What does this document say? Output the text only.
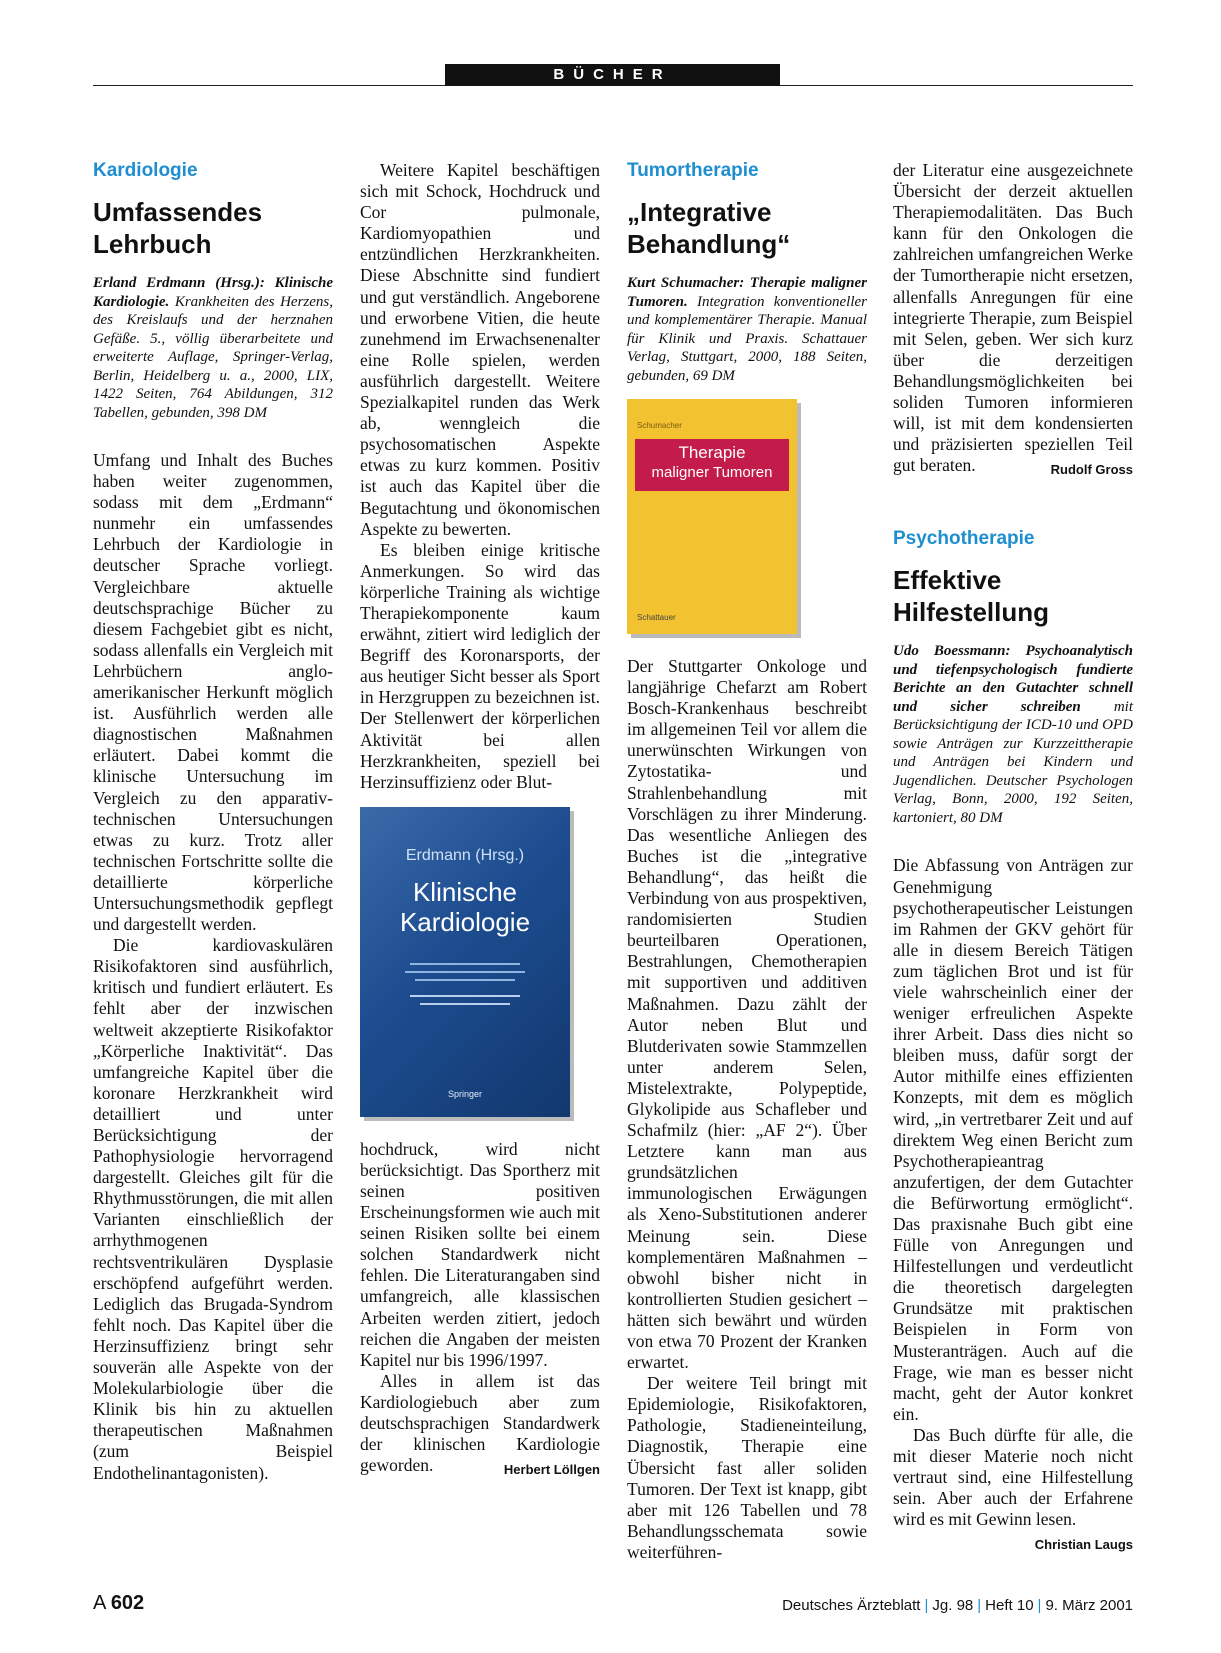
BÜCHER
Kardiologie
Umfassendes Lehrbuch
Erland Erdmann (Hrsg.): Klinische Kardiologie. Krankheiten des Herzens, des Kreislaufs und der herznahen Gefäße. 5., völlig überarbeitete und erweiterte Auflage, Springer-Verlag, Berlin, Heidelberg u. a., 2000, LIX, 1422 Seiten, 764 Abildungen, 312 Tabellen, gebunden, 398 DM

Umfang und Inhalt des Buches haben weiter zugenommen, sodass mit dem „Erdmann“ nunmehr ein umfassendes Lehrbuch der Kardiologie in deutscher Sprache vorliegt. Vergleichbare aktuelle deutschsprachige Bücher zu diesem Fachgebiet gibt es nicht, sodass allenfalls ein Vergleich mit Lehrbüchern anglo-amerikanischer Herkunft möglich ist. Ausführlich werden alle diagnostischen Maßnahmen erläutert. Dabei kommt die klinische Untersuchung im Vergleich zu den apparativ-technischen Untersuchungen etwas zu kurz. Trotz aller technischen Fortschritte sollte die detaillierte körperliche Untersuchungsmethodik gepflegt und dargestellt werden.

Die kardiovaskulären Risikofaktoren sind ausführlich, kritisch und fundiert erläutert. Es fehlt aber der inzwischen weltweit akzeptierte Risikofaktor „Körperliche Inaktivität“. Das umfangreiche Kapitel über die koronare Herzkrankheit wird detailliert und unter Berücksichtigung der Pathophysiologie hervorragend dargestellt. Gleiches gilt für die Rhythmusstörungen, die mit allen Varianten einschließlich der arrhythmogenen rechtsventrikulären Dysplasie erschöpfend aufgeführt werden. Lediglich das Brugada-Syndrom fehlt noch. Das Kapitel über die Herzinsuffizienz bringt sehr souverän alle Aspekte von der Molekularbiologie über die Klinik bis hin zu aktuellen therapeutischen Maßnahmen (zum Beispiel Endothelinantagonisten).

Weitere Kapitel beschäftigen sich mit Schock, Hochdruck und Cor pulmonale, Kardiomyopathien und entzündlichen Herzkrankheiten. Diese Abschnitte sind fundiert und gut verständlich. Angeborene und erworbene Vitien, die heute zunehmend im Erwachsenenalter eine Rolle spielen, werden ausführlich dargestellt. Weitere Spezialkapitel runden das Werk ab, wenngleich die psychosomatischen Aspekte etwas zu kurz kommen. Positiv ist auch das Kapitel über die Begutachtung und ökonomischen Aspekte zu bewerten.

Es bleiben einige kritische Anmerkungen. So wird das körperliche Training als wichtige Therapiekomponente kaum erwähnt, zitiert wird lediglich der Begriff des Koronarsports, der aus heutiger Sicht besser als Sport in Herzgruppen zu bezeichnen ist. Der Stellenwert der körperlichen Aktivität bei allen Herzkrankheiten, speziell bei Herzinsuffizienz oder Blut-

Erdmann (Hrsg.)
Klinische
Kardiologie
Springer

hochdruck, wird nicht berücksichtigt. Das Sportherz mit seinen positiven Erscheinungsformen wie auch mit seinen Risiken sollte bei einem solchen Standardwerk nicht fehlen. Die Literaturangaben sind umfangreich, alle klassischen Arbeiten werden zitiert, jedoch reichen die Angaben der meisten Kapitel nur bis 1996/1997.

Alles in allem ist das Kardiologiebuch aber zum deutschsprachigen Standardwerk der klinischen Kardiologie geworden.	Herbert Löllgen

Tumortherapie
„Integrative Behandlung“
Kurt Schumacher: Therapie maligner Tumoren. Integration konventioneller und komplementärer Therapie. Manual für Klinik und Praxis. Schattauer Verlag, Stuttgart, 2000, 188 Seiten, gebunden, 69 DM
Schumacher
Therapie
maligner Tumoren
Schattauer

Der Stuttgarter Onkologe und langjährige Chefarzt am Robert Bosch-Krankenhaus beschreibt im allgemeinen Teil vor allem die unerwünschten Wirkungen von Zytostatika- und Strahlenbehandlung mit Vorschlägen zu ihrer Minderung. Das wesentliche Anliegen des Buches ist die „integrative Behandlung“, das heißt die Verbindung von aus prospektiven, randomisierten Studien beurteilbaren Operationen, Bestrahlungen, Chemotherapien mit supportiven und additiven Maßnahmen. Dazu zählt der Autor neben Blut und Blutderivaten sowie Stammzellen unter anderem Selen, Mistelextrakte, Polypeptide, Glykolipide aus Schafleber und Schafmilz (hier: „AF 2“). Über Letztere kann man aus grundsätzlichen immunologischen Erwägungen als Xeno-Substitutionen anderer Meinung sein. Diese komplementären Maßnahmen – obwohl bisher nicht in kontrollierten Studien gesichert – hätten sich bewährt und würden von etwa 70 Prozent der Kranken erwartet.

Der weitere Teil bringt mit Epidemiologie, Risikofaktoren, Pathologie, Stadieneinteilung, Diagnostik, Therapie eine Übersicht fast aller soliden Tumoren. Der Text ist knapp, gibt aber mit 126 Tabellen und 78 Behandlungsschemata sowie weiterführen-

der Literatur eine ausgezeichnete Übersicht der derzeit aktuellen Therapiemodalitäten. Das Buch kann für den Onkologen die zahlreichen umfangreichen Werke der Tumortherapie nicht ersetzen, allenfalls Anregungen für eine integrierte Therapie, zum Beispiel mit Selen, geben. Wer sich kurz über die derzeitigen Behandlungsmöglichkeiten bei soliden Tumoren informieren will, ist mit dem kondensierten und präzisierten speziellen Teil gut beraten.	Rudolf Gross

Psychotherapie
Effektive Hilfestellung
Udo Boessmann: Psychoanalytisch und tiefenpsychologisch fundierte Berichte an den Gutachter schnell und sicher schreiben mit Berücksichtigung der ICD-10 und OPD sowie Anträgen zur Kurzzeittherapie und Anträgen bei Kindern und Jugendlichen. Deutscher Psychologen Verlag, Bonn, 2000, 192 Seiten, kartoniert, 80 DM

Die Abfassung von Anträgen zur Genehmigung psychotherapeutischer Leistungen im Rahmen der GKV gehört für alle in diesem Bereich Tätigen zum täglichen Brot und ist für viele wahrscheinlich einer der weniger erfreulichen Aspekte ihrer Arbeit. Dass dies nicht so bleiben muss, dafür sorgt der Autor mithilfe eines effizienten Konzepts, mit dem es möglich wird, „in vertretbarer Zeit und auf direktem Weg einen Bericht zum Psychotherapieantrag anzufertigen, der dem Gutachter die Befürwortung ermöglicht“. Das praxisnahe Buch gibt eine Fülle von Anregungen und Hilfestellungen und verdeutlicht die theoretisch dargelegten Grundsätze mit praktischen Beispielen in Form von Musteranträgen. Auch auf die Frage, wie man es besser nicht macht, geht der Autor konkret ein.

Das Buch dürfte für alle, die mit dieser Materie noch nicht vertraut sind, eine Hilfestellung sein. Aber auch der Erfahrene wird es mit Gewinn lesen.
Christian Laugs

A 602	Deutsches Ärzteblatt | Jg. 98 | Heft 10 | 9. März 2001
